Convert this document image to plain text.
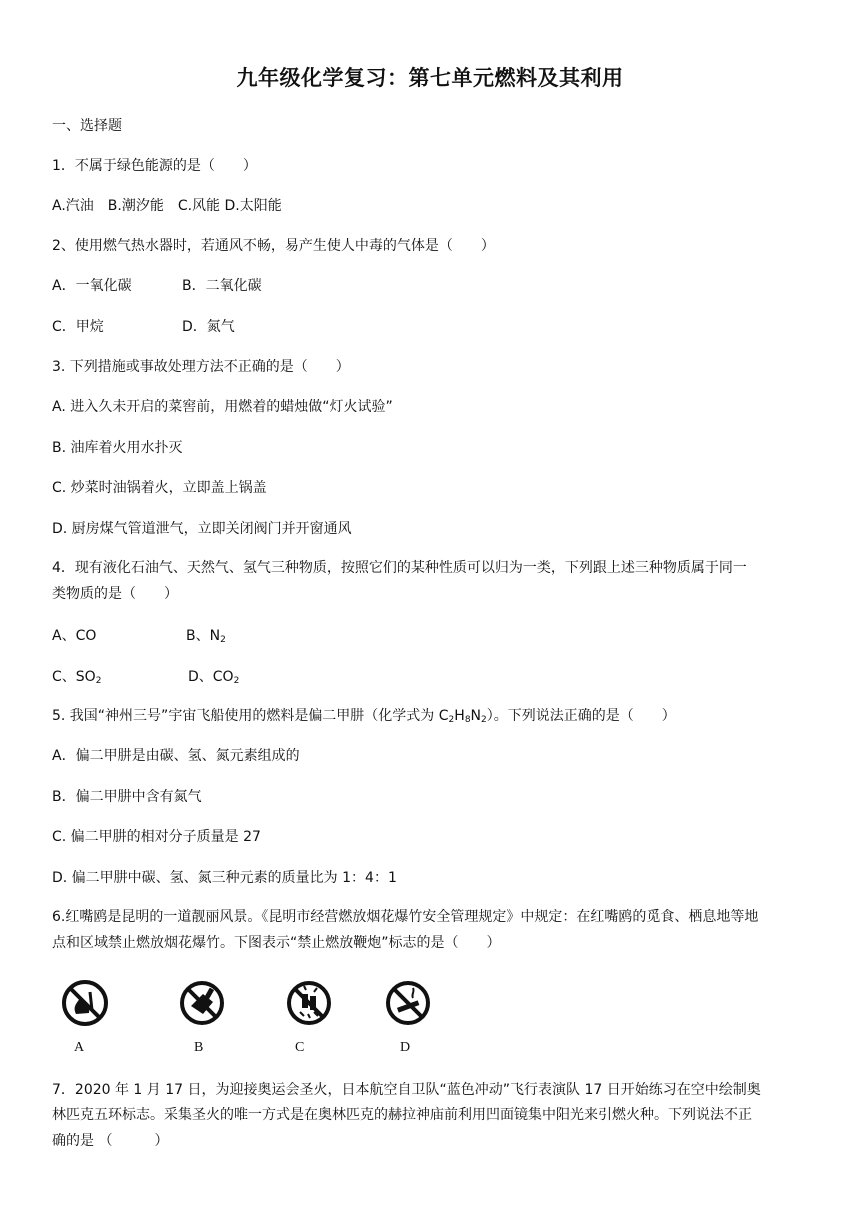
九年级化学复习：第七单元燃料及其利用
一、选择题
1．不属于绿色能源的是（　　）
A.汽油　B.潮汐能　C.风能 D.太阳能
2、使用燃气热水器时，若通风不畅，易产生使人中毒的气体是（　　）
A．一氧化碳	B．二氧化碳
C．甲烷	D．氮气
3. 下列措施或事故处理方法不正确的是（　　）
A. 进入久未开启的菜窖前，用燃着的蜡烛做“灯火试验”
B. 油库着火用水扑灭
C. 炒菜时油锅着火，立即盖上锅盖
D. 厨房煤气管道泄气，立即关闭阀门并开窗通风
4．现有液化石油气、天然气、氢气三种物质，按照它们的某种性质可以归为一类，下列跟上述三种物质属于同一
类物质的是（　　）
A、CO	B、$N_2$
C、$SO_2$	D、$CO_2$
5. 我国“神州三号”宇宙飞船使用的燃料是偏二甲肼（化学式为 $C_2H_8N_2$）。下列说法正确的是（　　）
A．偏二甲肼是由碳、氢、氮元素组成的
B．偏二甲肼中含有氮气
C. 偏二甲肼的相对分子质量是 27
D. 偏二甲肼中碳、氢、氮三种元素的质量比为 1：4：1
6.红嘴鸥是昆明的一道靓丽风景。《昆明市经营燃放烟花爆竹安全管理规定》中规定：在红嘴鸥的觅食、栖息地等地
点和区域禁止燃放烟花爆竹。下图表示“禁止燃放鞭炮”标志的是（　　）
A	B	C	D
7．2020 年 1 月 17 日，为迎接奥运会圣火，日本航空自卫队“蓝色冲动”飞行表演队 17 日开始练习在空中绘制奥
林匹克五环标志。采集圣火的唯一方式是在奥林匹克的赫拉神庙前利用凹面镜集中阳光来引燃火种。下列说法不正
确的是 （　　　）
